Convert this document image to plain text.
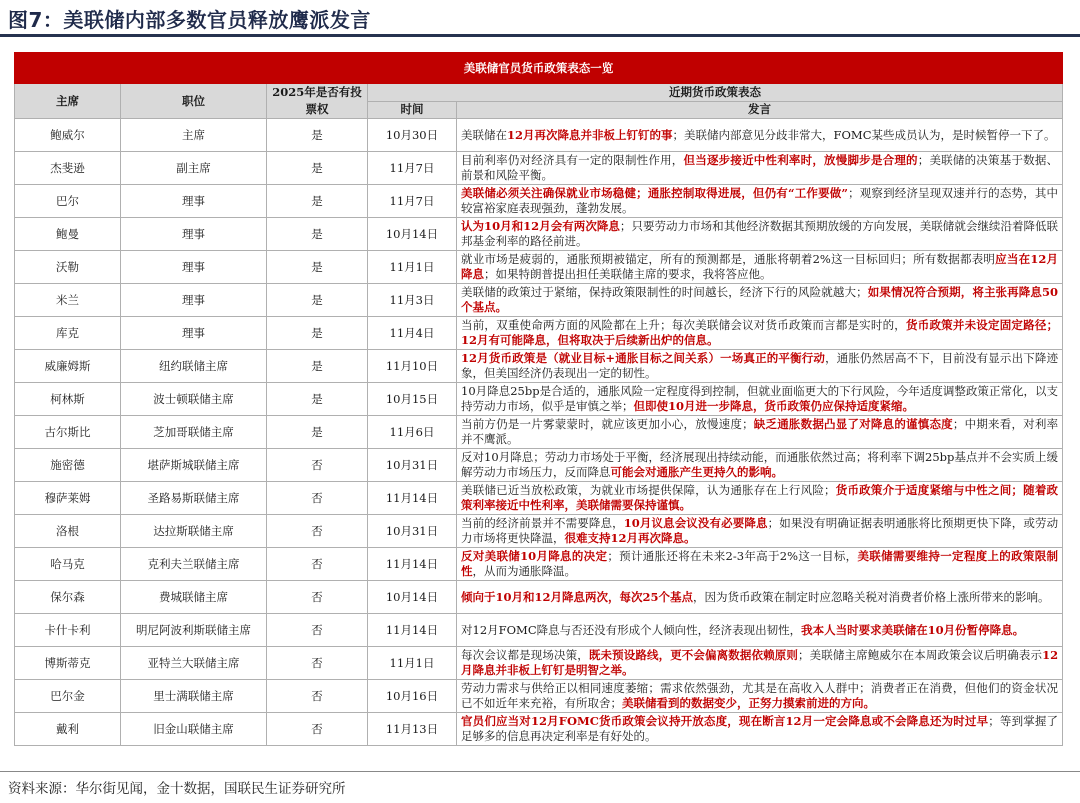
图7：美联储内部多数官员释放鹰派发言
美联储官员货币政策表态一览				
主席	职位	2025年是否有投票权	近期货币政策表态	
			时间	发言
鲍威尔	主席	是	10月30日	美联储在12月再次降息并非板上钉钉的事；美联储内部意见分歧非常大，FOMC某些成员认为，是时候暂停一下了。
杰斐逊	副主席	是	11月7日	目前利率仍对经济具有一定的限制性作用，但当逐步接近中性利率时，放慢脚步是合理的；美联储的决策基于数据、前景和风险平衡。
巴尔	理事	是	11月7日	美联储必须关注确保就业市场稳健；通胀控制取得进展，但仍有“工作要做”；观察到经济呈现双速并行的态势，其中较富裕家庭表现强劲，蓬勃发展。
鲍曼	理事	是	10月14日	认为10月和12月会有两次降息；只要劳动力市场和其他经济数据其预期放缓的方向发展，美联储就会继续沿着降低联邦基金利率的路径前进。
沃勒	理事	是	11月1日	就业市场是疲弱的，通胀预期被锚定，所有的预测都是，通胀将朝着2%这一目标回归；所有数据都表明应当在12月降息；如果特朗普提出担任美联储主席的要求，我将答应他。
米兰	理事	是	11月3日	美联储的政策过于紧缩，保持政策限制性的时间越长，经济下行的风险就越大；如果情况符合预期，将主张再降息50个基点。
库克	理事	是	11月4日	当前，双重使命两方面的风险都在上升；每次美联储会议对货币政策而言都是实时的，货币政策并未设定固定路径；12月有可能降息，但将取决于后续新出炉的信息。
威廉姆斯	纽约联储主席	是	11月10日	12月货币政策是（就业目标+通胀目标之间关系）一场真正的平衡行动，通胀仍然居高不下，目前没有显示出下降迹象，但美国经济仍表现出一定的韧性。
柯林斯	波士顿联储主席	是	10月15日	10月降息25bp是合适的，通胀风险一定程度得到控制，但就业面临更大的下行风险，今年适度调整政策正常化，以支持劳动力市场，似乎是审慎之举；但即使10月进一步降息，货币政策仍应保持适度紧缩。
古尔斯比	芝加哥联储主席	是	11月6日	当前方仍是一片雾蒙蒙时，就应该更加小心，放慢速度；缺乏通胀数据凸显了对降息的谨慎态度；中期来看，对利率并不鹰派。
施密德	堪萨斯城联储主席	否	10月31日	反对10月降息；劳动力市场处于平衡，经济展现出持续动能，而通胀依然过高；将利率下调25bp基点并不会实质上缓解劳动力市场压力，反而降息可能会对通胀产生更持久的影响。
穆萨莱姆	圣路易斯联储主席	否	11月14日	美联储已近当放松政策，为就业市场提供保障，认为通胀存在上行风险；货币政策介于适度紧缩与中性之间；随着政策利率接近中性利率，美联储需要保持谨慎。
洛根	达拉斯联储主席	否	10月31日	当前的经济前景并不需要降息，10月议息会议没有必要降息；如果没有明确证据表明通胀将比预期更快下降，或劳动力市场将更快降温，很难支持12月再次降息。
哈马克	克利夫兰联储主席	否	11月14日	反对美联储10月降息的决定；预计通胀还将在未来2-3年高于2%这一目标，美联储需要维持一定程度上的政策限制性，从而为通胀降温。
保尔森	费城联储主席	否	10月14日	倾向于10月和12月降息两次，每次25个基点，因为货币政策在制定时应忽略关税对消费者价格上涨所带来的影响。
卡什卡利	明尼阿波利斯联储主席	否	11月14日	对12月FOMC降息与否还没有形成个人倾向性，经济表现出韧性，我本人当时要求美联储在10月份暂停降息。
博斯蒂克	亚特兰大联储主席	否	11月1日	每次会议都是现场决策，既未预设路线，更不会偏离数据依赖原则；美联储主席鲍威尔在本周政策会议后明确表示12月降息并非板上钉钉是明智之举。
巴尔金	里士满联储主席	否	10月16日	劳动力需求与供给正以相同速度萎缩；需求依然强劲，尤其是在高收入人群中；消费者正在消费，但他们的资金状况已不如近年来充裕，有所取舍；美联储看到的数据变少，正努力摸索前进的方向。
戴利	旧金山联储主席	否	11月13日	官员们应当对12月FOMC货币政策会议持开放态度，现在断言12月一定会降息或不会降息还为时过早；等到掌握了足够多的信息再决定利率是有好处的。
资料来源：华尔街见闻，金十数据，国联民生证券研究所
